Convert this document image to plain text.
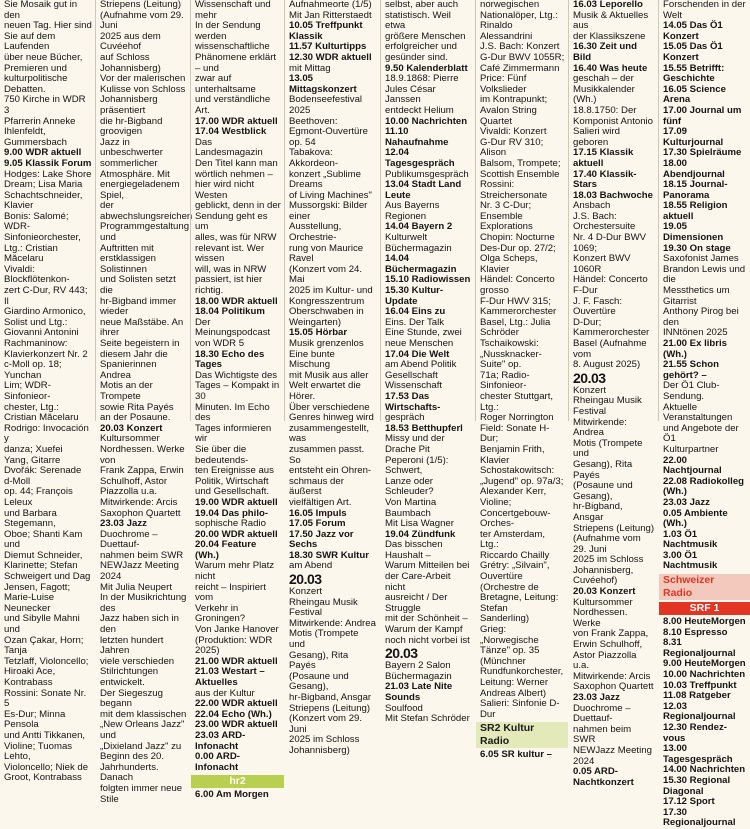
Sie Mosaik gut in den
neuen Tag. Hier sind
Sie auf dem Laufenden
über neue Bücher,
Premieren und
kulturpolitische Debatten.
750 Kirche in WDR 3
Pfarrerin Anneke
Ihlenfeldt, Gummersbach
9.00 WDR aktuell
9.05 Klassik Forum
Hodges: Lake Shore
Dream; Lisa Maria
Schachtschneider, Klavier
Bonis: Salomé;
WDR-Sinfonieorchester,
Ltg.: Cristian Măcelaru
Vivaldi: Blockflötenkon-
zert C-Dur, RV 443; Il
Giardino Armonico,
Solist und Ltg.:
Giovanni Antonini
Rachmaninow:
Klavierkonzert Nr. 2
c-Moll op. 18; Yunchan
Lim; WDR-Sinfonieor-
chester, Ltg.:
Cristian Măcelaru
Rodrigo: Invocación y
danza; Xuefei
Yang, Gitarre
Dvořák: Serenade d-Moll
op. 44; François Leleux
und Barbara Stegemann,
Oboe; Shanti Kam und
Diemut Schneider,
Klarinette; Stefan
Schweigert und Dag
Jensen, Fagott;
Marie-Luise Neunecker
und Sibylle Mahni und
Ozan Çakar, Horn; Tanja
Tetzlaff, Violoncello;
Hiroaki Ace, Kontrabass
Rossini: Sonate Nr. 5
Es-Dur; Minna Pensola
und Antti Tikkanen,
Violine; Tuomas Lehto,
Violoncello; Niek de
Groot, Kontrabass
Striepens (Leitung)
(Aufnahme vom 29. Juni
2025 aus dem Cuvéehof
auf Schloss Johannisberg)
Vor der malerischen
Kulisse von Schloss
Johannisberg präsentiert
die hr-Bigband groovigen
Jazz in unbeschwerter
sommerlicher
Atmosphäre. Mit
energiegeladenem Spiel,
der abwechslungsreichen
Programmgestaltung und
Auftritten mit
erstklassigen Solistinnen
und Solisten setzt die
hr-Bigband immer wieder
neue Maßstäbe. An ihrer
Seite begeistern in
diesem Jahr die
Spanierinnen Andrea
Motis an der Trompete
sowie Rita Payés
an der Posaune.
20.03 Konzert
Kultursommer
Nordhessen. Werke von
Frank Zappa, Erwin
Schulhoff, Astor
Piazzolla u.a.
Mitwirkende: Arcis
Saxophon Quartett
23.03 Jazz
Duochrome – Duettauf-
nahmen beim SWR
NEWJazz Meeting 2024
Mit Julia Neupert
In der Musikrichtung des
Jazz haben sich in den
letzten hundert Jahren
viele verschieden
Stilrichtungen entwickelt.
Der Siegeszug begann
mit dem klassischen
„New Orleans Jazz" und
„Dixieland Jazz" zu
Beginn des 20.
Jahrhunderts. Danach
folgten immer neue Stile
Wissenschaft und mehr
In der Sendung werden
wissenschaftliche
Phänomene erklärt – und
zwar auf unterhaltsame
und verständliche Art.
17.00 WDR aktuell
17.04 Westblick
Das Landesmagazin
Den Titel kann man
wörtlich nehmen –
hier wird nicht Westen
geblickt, denn in der
Sendung geht es um
alles, was für NRW
relevant ist. Wer wissen
will, was in NRW
passiert, ist hier richtig.
18.00 WDR aktuell
18.04 Politikum
Der Meinungspodcast
von WDR 5
18.30 Echo des Tages
Das Wichtigste des
Tages – Kompakt in 30
Minuten. Im Echo des
Tages informieren wir
Sie über die bedeutends-
ten Ereignisse aus
Politik, Wirtschaft
und Gesellschaft.
19.00 WDR aktuell
19.04 Das philo-
sophische Radio
20.00 WDR aktuell
20.04 Feature (Wh.)
Warum mehr Platz nicht
reicht – Inspiriert vom
Verkehr in Groningen?
Von Janke Hanover
(Produktion: WDR 2025)
21.00 WDR aktuell
21.03 Westart – Aktuelles
aus der Kultur
22.00 WDR aktuell
22.04 Echo (Wh.)
23.00 WDR aktuell
23.03 ARD-Infonacht
0.00 ARD-Infonacht
hr2
6.00 Am Morgen
Aufnahmeorte (1/5)
Mit Jan Ritterstaedt
10.05 Treffpunkt Klassik
11.57 Kulturtipps
12.30 WDR aktuell
mit Mittag
13.05 Mittagskonzert
Bodenseefestival 2025
Beethoven:
Egmont-Ouvertüre op. 54
Tabakova: Akkordeon-
konzert „Sublime Dreams
of Living Machines"
Mussorgski: Bilder einer
Ausstellung, Orchestrie-
rung von Maurice Ravel
(Konzert vom 24. Mai
2025 im Kultur- und
Kongresszentrum
Oberschwaben in
Weingarten)
15.05 Hörbar
Musik grenzenlos
Eine bunte Mischung
mit Musik aus aller
Welt erwartet die Hörer.
Über verschiedene
Genres hinweg wird
zusammengestellt, was
zusammen passt. So
entsteht ein Ohren-
schmaus der äußerst
vielfältigen Art.
16.05 Impuls
17.05 Forum
17.50 Jazz vor Sechs
18.30 SWR Kultur
am Abend
20.03
Konzert
Rheingau Musik Festival
Mitwirkende: Andrea
Motis (Trompete und
Gesang), Rita Payés
(Posaune und Gesang),
hr-Bigband, Ansgar
Striepens (Leitung)
(Konzert vom 29. Juni
2025 im Schloss
Johannisberg)
selbst, aber auch
statistisch. Weil etwa
größere Menschen
erfolgreicher und
gesünder sind.
9.50 Kalenderblatt
18.9.1868: Pierre
Jules César Janssen
entdeckt Helium
10.00 Nachrichten
11.10 Nahaufnahme
12.04 Tagesgespräch
Publikumsgespräch
13.04 Stadt Land Leute
Aus Bayerns Regionen
14.04 Bayern 2
Kulturwelt
Büchermagazin
14.04 Büchermagazin
15.10 Radiowissen
15.30 Kultur-Update
16.04 Eins zu
Eins. Der Talk
Eine Stunde, zwei
neue Menschen
17.04 Die Welt
am Abend Politik
Gesellschaft Wissenschaft
17.53 Das Wirtschafts-
gespräch
18.53 Betthupferl
Missy und der Drache Pit
Peperoni (1/5): Schwert,
Lanze oder Schleuder?
Von Martina Baumbach
Mit Lisa Wagner
19.04 Zündfunk
Das bisschen Haushalt –
Warum Mitteilen bei
der Care-Arbeit nicht
ausreicht / Der Struggle
mit der Schönheit –
Warum der Kampf
noch nicht vorbei ist
20.03
Bayern 2 Salon
Büchermagazin
21.03 Late Nite Sounds
Soulfood
Mit Stefan Schröder
norwegischen
Nationalöper, Ltg.:
Rinaldo Alessandrini
J.S. Bach: Konzert
G-Dur BWV 1055R;
Café Zimmermann
Price: Fünf Volkslieder
im Kontrapunkt;
Avalon String Quartet
Vivaldi: Konzert
G-Dur RV 310; Alison
Balsom, Trompete;
Scottish Ensemble
Rossini: Streichersonate
Nr. 3 C-Dur; Ensemble
Explorations
Chopin: Nocturne
Des-Dur op. 27/2;
Olga Scheps, Klavier
Händel: Concerto grosso
F-Dur HWV 315;
Kammerorchester
Basel, Ltg.: Julia
Schröder
Tschaikowski:
„Nussknacker-Suite" op.
71a; Radio-Sinfonieor-
chester Stuttgart, Ltg.:
Roger Norrington
Field: Sonate H-Dur;
Benjamin Frith, Klavier
Schostakowitsch:
„Jugend" op. 97a/3;
Alexander Kerr, Violine;
Concertgebouw-Orches-
ter Amsterdam, Ltg.:
Riccardo Chailly
Grétry: „Silvain",
Ouvertüre (Orchestre de
Bretagne, Leitung: Stefan
Sanderling)
Grieg: „Norwegische
Tänze" op. 35 (Münchner
Rundfunkorchester,
Leitung: Werner
Andreas Albert)
Salieri: Sinfonie D-Dur
SR2 Kultur Radio
6.05 SR kultur –
16.03 Leporello
Musik & Aktuelles aus
der Klassikszene
16.30 Zeit und Bild
16.40 Was heute
geschah – der
Musikkalender (Wh.)
18.8.1750: Der
Komponist Antonio
Salieri wird geboren
17.15 Klassik aktuell
17.40 Klassik-Stars
18.03 Bachwoche
Ansbach
J.S. Bach: Orchestersuite
Nr. 4 D-Dur BWV 1069;
Konzert BWV 1060R
Händel: Concerto F-Dur
J. F. Fasch: Ouvertüre
D-Dur; Kammerorchester
Basel (Aufnahme vom
8. August 2025)
20.03
Konzert
Rheingau Musik Festival
Mitwirkende: Andrea
Motis (Trompete und
Gesang), Rita Payés
(Posaune und Gesang),
hr-Bigband, Ansgar
Striepens (Leitung)
(Aufnahme vom 29. Juni
2025 im Schloss
Johannisberg, Cuvéehof)
20.03 Konzert
Kultursommer
Nordhessen. Werke
von Frank Zappa,
Erwin Schulhoff,
Astor Piazzolla u.a.
Mitwirkende: Arcis
Saxophon Quartett
23.03 Jazz
Duochrome – Duettauf-
nahmen beim SWR
NEWJazz Meeting 2024
0.05 ARD-Nachtkonzert
Forschenden in der Welt
14.05 Das Ö1 Konzert
15.05 Das Ö1 Konzert
15.55 Betrifft: Geschichte
16.05 Science Arena
17.00 Journal um fünf
17.09 Kulturjournal
17.30 Spielräume
18.00 Abendjournal
18.15 Journal-Panorama
18.55 Religion aktuell
19.05 Dimensionen
19.30 On stage
Saxofonist James
Brandon Lewis und die
Messthetics um Gitarrist
Anthony Pirog bei den
INNtönen 2025
21.00 Ex libris (Wh.)
21.55 Schon gehört? –
Der Ö1 Club-Sendung.
Aktuelle Veranstaltungen
und Angebote der Ö1
Kulturpartner
22.00 Nachtjournal
22.08 Radiokolleg (Wh.)
23.03 Jazz
0.05 Ambiente (Wh.)
1.03 Ö1 Nachtmusik
3.00 Ö1 Nachtmusik
Schweizer Radio
SRF 1
8.00 HeuteMorgen
8.10 Espresso
8.31 Regionaljournal
9.00 HeuteMorgen
10.00 Nachrichten
10.03 Treffpunkt
11.08 Ratgeber
12.03 Regionaljournal
12.30 Rendez-vous
13.00 Tagesgespräch
14.00 Nachrichten
15.30 Regional Diagonal
17.12 Sport
17.30 Regionaljournal
